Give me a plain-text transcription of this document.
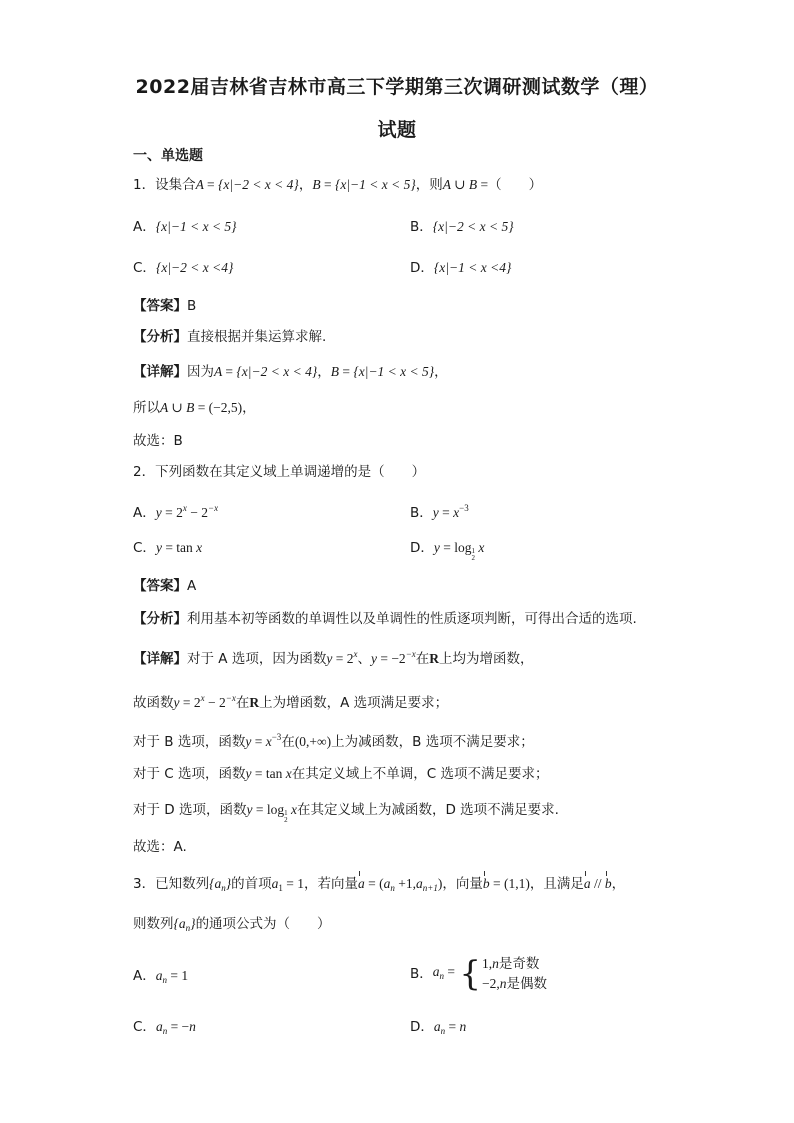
2022届吉林省吉林市高三下学期第三次调研测试数学（理）
试题
一、单选题
1．设集合A = {x|−2 < x < 4}，B = {x|−1 < x < 5}，则A ∪ B =（　　）
A．{x|−1 < x < 5}	B．{x|−2 < x < 5}
C．{x|−2 < x <4}	D．{x|−1 < x <4}
【答案】B
【分析】直接根据并集运算求解.
【详解】因为A = {x|−2 < x < 4}，B = {x|−1 < x < 5}，
所以A ∪ B = (−2,5)，
故选：B
2．下列函数在其定义域上单调递增的是（　　）
A．$y = 2^x - 2^{-x}$	B．$y = x^{-3}$
C．y = tan x	D．y = log1
2 x
【答案】A
【分析】利用基本初等函数的单调性以及单调性的性质逐项判断，可得出合适的选项.
【详解】对于 A 选项，因为函数$y = 2^x$、$y = -2^{-x}$在R上均为增函数，
故函数$y = 2^x - 2^{-x}$在R上为增函数，A 选项满足要求；
对于 B 选项，函数$y = x^{-3}$在(0,+∞)上为减函数，B 选项不满足要求；
对于 C 选项，函数y = tan x在其定义域上不单调，C 选项不满足要求；
对于 D 选项，函数y = log1
2 x在其定义域上为减函数，D 选项不满足要求.
故选：A.
3．已知数列$\{a_n\}$的首项$a_1 = 1$，若向量$a = (a_n +1,a_{n+1})$，向量b = (1,1)，且满足a // b，
则数列$\{a_n\}$的通项公式为（　　）
A．$a_n = 1$	B．$a_n = \{1,n$是奇数
−2,n是偶数
C．$a_n = -n$	D．$a_n = n$
